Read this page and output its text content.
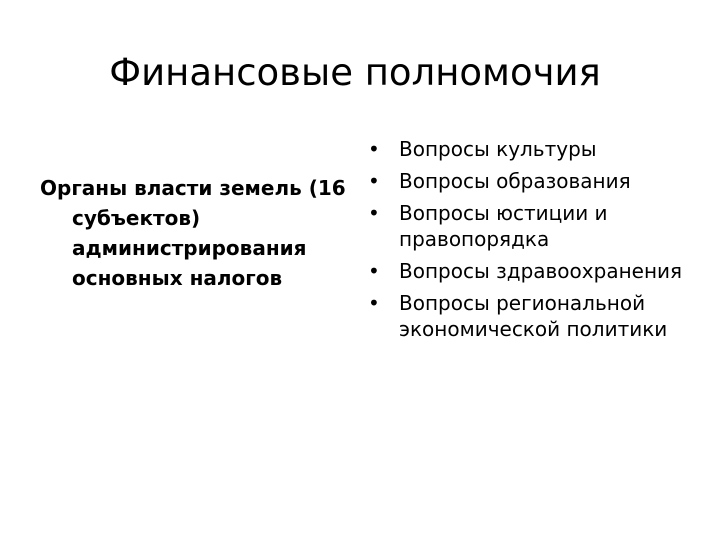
Финансовые полномочия

Органы власти земель (16 субъектов) администрирования основных налогов

• Вопросы культуры
• Вопросы образования
• Вопросы юстиции и правопорядка
• Вопросы здравоохранения
• Вопросы региональной экономической политики
